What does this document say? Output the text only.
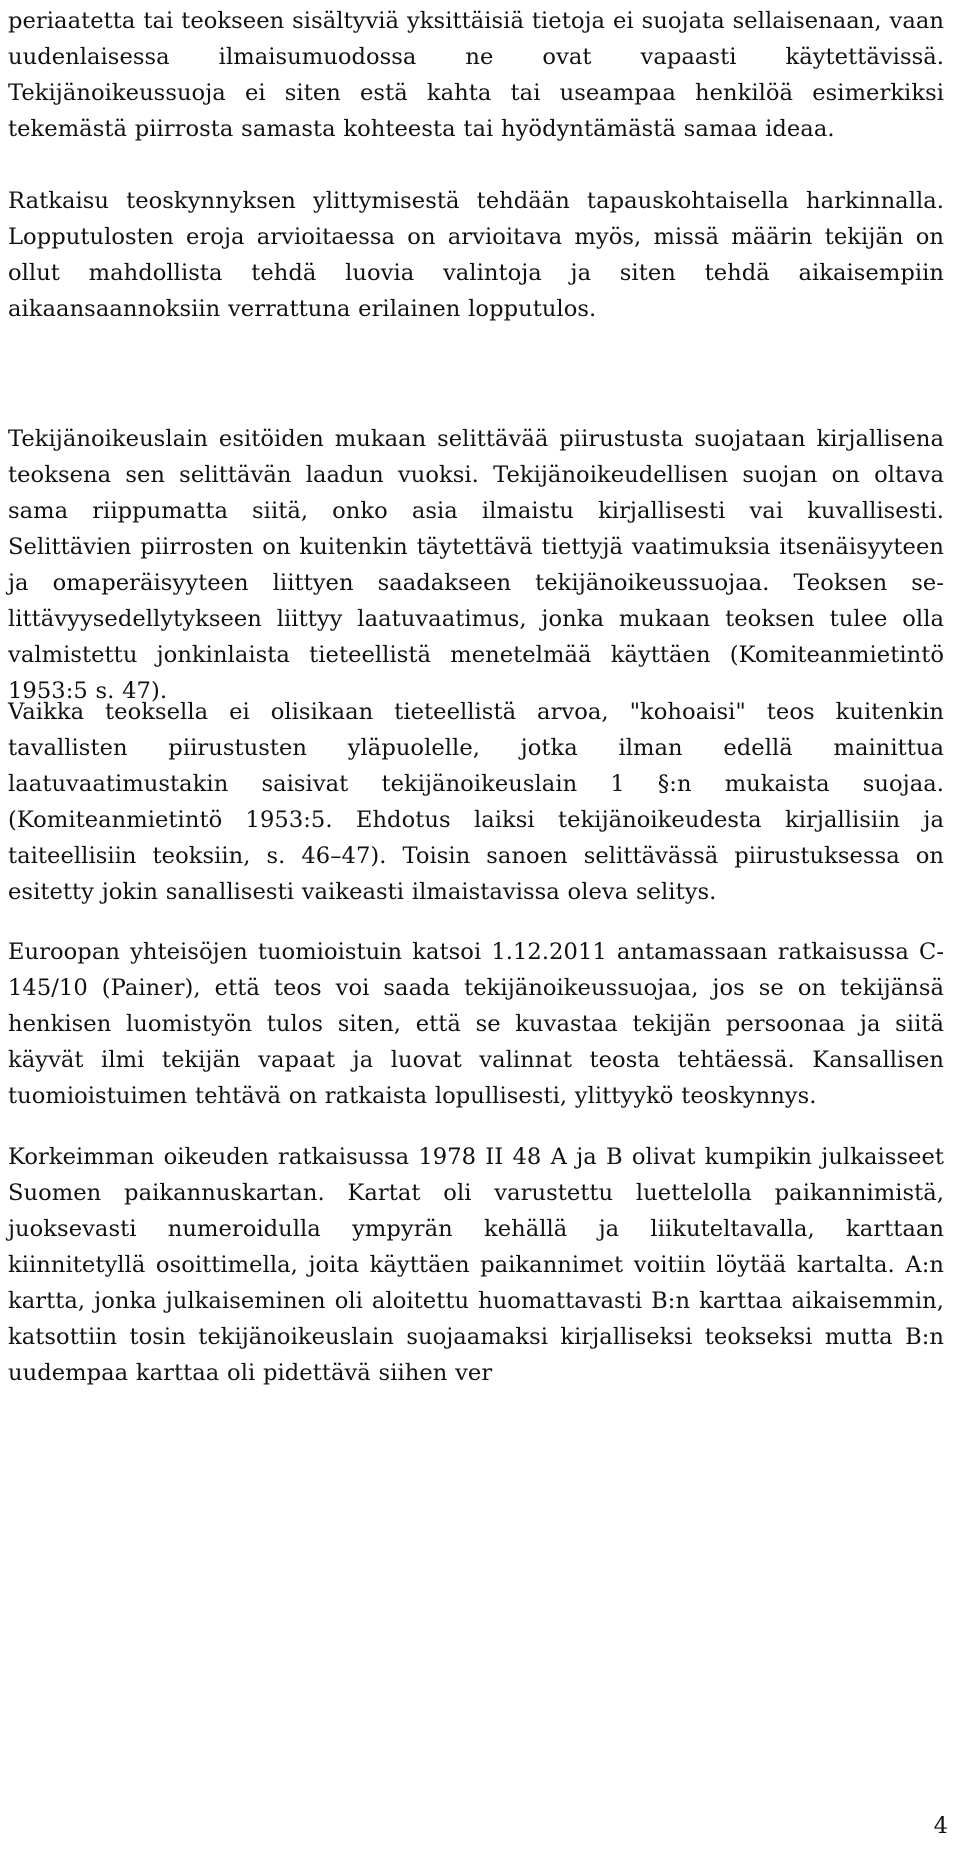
periaatetta tai teokseen sisältyviä yksittäisiä tietoja ei suojata sellaisenaan, vaan uudenlaisessa ilmaisumuodossa ne ovat vapaasti käytettävissä. Tekijänoikeussuoja ei siten estä kahta tai useampaa henkilöä esimerkiksi tekemästä piirrosta samasta kohteesta tai hyödyntämästä samaa ideaa.

Ratkaisu teoskynnyksen ylittymisestä tehdään tapauskohtaisella harkinnalla. Lopputulosten eroja arvioitaessa on arvioitava myös, missä määrin tekijän on ollut mahdollista tehdä luovia valintoja ja siten tehdä aikaisempiin aikaansaannoksiin verrattuna erilainen lopputulos.

Tekijänoikeuslain esitöiden mukaan selittävää piirustusta suojataan kirjallisena teoksena sen selittävän laadun vuoksi. Tekijänoikeudellisen suojan on oltava sama riippumatta siitä, onko asia ilmaistu kirjallisesti vai kuvallisesti. Selittävien piirrosten on kuitenkin täytettävä tiettyjä vaatimuksia itsenäisyyteen ja omaperäisyyteen liittyen saadakseen tekijänoikeussuojaa. Teoksen selittävyysedellytykseen liittyy laatuvaatimus, jonka mukaan teoksen tulee olla valmistettu jonkinlaista tieteellistä menetelmää käyttäen (Komiteanmietintö 1953:5 s. 47).

Vaikka teoksella ei olisikaan tieteellistä arvoa, "kohoaisi" teos kuitenkin tavallisten piirustusten yläpuolelle, jotka ilman edellä mainittua laatuvaatimustakin saisivat tekijänoikeuslain 1 §:n mukaista suojaa. (Komiteanmietintö 1953:5. Ehdotus laiksi tekijänoikeudesta kirjallisiin ja taiteellisiin teoksiin, s. 46–47). Toisin sanoen selittävässä piirustuksessa on esitetty jokin sanallisesti vaikeasti ilmaistavissa oleva selitys.

Euroopan yhteisöjen tuomioistuin katsoi 1.12.2011 antamassaan ratkaisussa C-145/10 (Painer), että teos voi saada tekijänoikeussuojaa, jos se on tekijänsä henkisen luomistyön tulos siten, että se kuvastaa tekijän persoonaa ja siitä käyvät ilmi tekijän vapaat ja luovat valinnat teosta tehtäessä. Kansallisen tuomioistuimen tehtävä on ratkaista lopullisesti, ylittyykö teoskynnys.

Korkeimman oikeuden ratkaisussa 1978 II 48 A ja B olivat kumpikin julkaisseet Suomen paikannuskartan. Kartat oli varustettu luettelolla paikannimistä, juoksevasti numeroidulla ympyrän kehällä ja liikuteltavalla, karttaan kiinnitetyllä osoittimella, joita käyttäen paikannimet voitiin löytää kartalta. A:n kartta, jonka julkaiseminen oli aloitettu huomattavasti B:n karttaa aikaisemmin, katsottiin tosin tekijänoikeuslain suojaamaksi kirjalliseksi teokseksi mutta B:n uudempaa karttaa oli pidettävä siihen ver

4
